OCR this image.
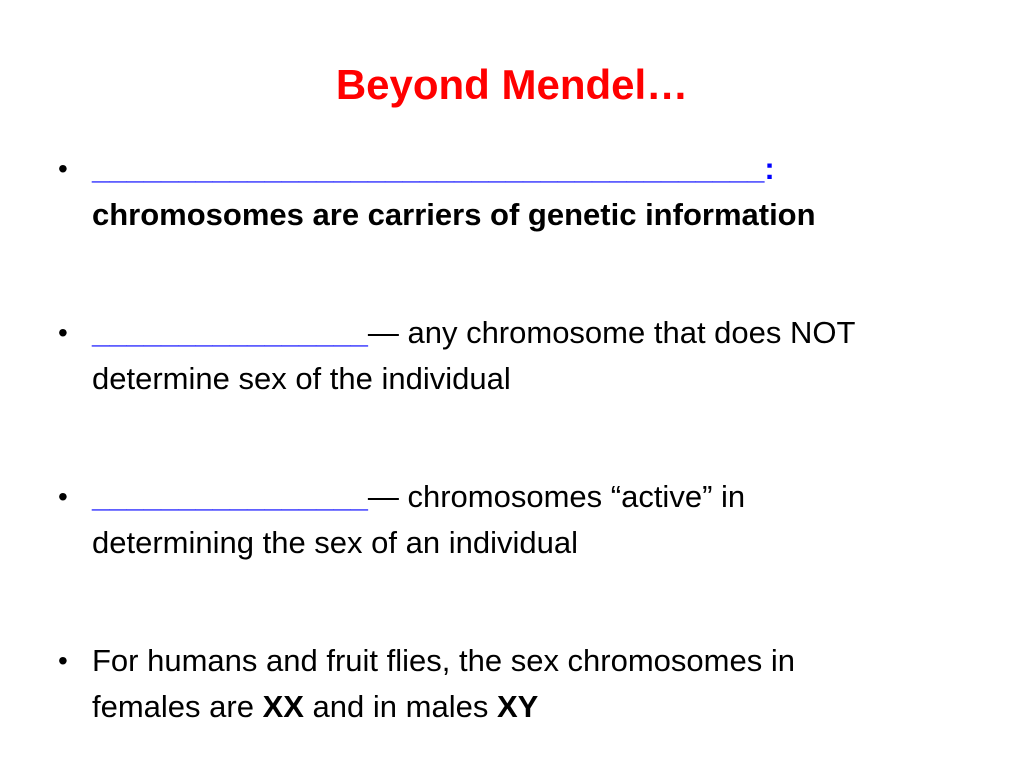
Beyond Mendel…
• _______________________________________:
chromosomes are carriers of genetic information
• ________________— any chromosome that does NOT
determine sex of the individual
• ________________— chromosomes “active” in
determining the sex of an individual
• For humans and fruit flies, the sex chromosomes in
females are XX and in males XY
